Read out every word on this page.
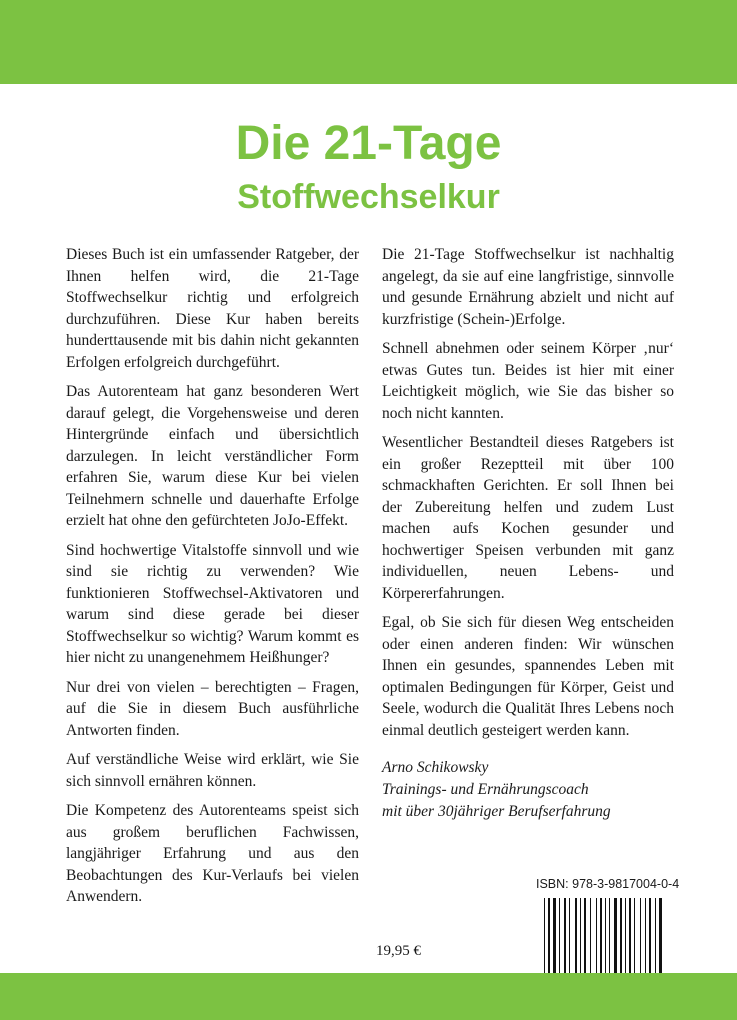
Die 21-Tage
Stoffwechselkur

Dieses Buch ist ein umfassender Ratgeber, der Ihnen helfen wird, die 21-Tage Stoffwechselkur richtig und erfolgreich durchzuführen. Diese Kur haben bereits hunderttausende mit bis dahin nicht gekannten Erfolgen erfolgreich durchgeführt.

Das Autorenteam hat ganz besonderen Wert darauf gelegt, die Vorgehensweise und deren Hintergründe einfach und übersichtlich darzulegen. In leicht verständlicher Form erfahren Sie, warum diese Kur bei vielen Teilnehmern schnelle und dauerhafte Erfolge erzielt hat ohne den gefürchteten JoJo-Effekt.

Sind hochwertige Vitalstoffe sinnvoll und wie sind sie richtig zu verwenden? Wie funktionieren Stoffwechsel-Aktivatoren und warum sind diese gerade bei dieser Stoffwechselkur so wichtig? Warum kommt es hier nicht zu unangenehmem Heißhunger?

Nur drei von vielen – berechtigten – Fragen, auf die Sie in diesem Buch ausführliche Antworten finden.

Auf verständliche Weise wird erklärt, wie Sie sich sinnvoll ernähren können.

Die Kompetenz des Autorenteams speist sich aus großem beruflichen Fachwissen, langjähriger Erfahrung und aus den Beobachtungen des Kur-Verlaufs bei vielen Anwendern.

Die 21-Tage Stoffwechselkur ist nachhaltig angelegt, da sie auf eine langfristige, sinnvolle und gesunde Ernährung abzielt und nicht auf kurzfristige (Schein-)Erfolge.

Schnell abnehmen oder seinem Körper ‚nur‘ etwas Gutes tun. Beides ist hier mit einer Leichtigkeit möglich, wie Sie das bisher so noch nicht kannten.

Wesentlicher Bestandteil dieses Ratgebers ist ein großer Rezeptteil mit über 100 schmackhaften Gerichten. Er soll Ihnen bei der Zubereitung helfen und zudem Lust machen aufs Kochen gesunder und hochwertiger Speisen verbunden mit ganz individuellen, neuen Lebens- und Körpererfahrungen.

Egal, ob Sie sich für diesen Weg entscheiden oder einen anderen finden: Wir wünschen Ihnen ein gesundes, spannendes Leben mit optimalen Bedingungen für Körper, Geist und Seele, wodurch die Qualität Ihres Lebens noch einmal deutlich gesteigert werden kann.

Arno Schikowsky
Trainings- und Ernährungscoach
mit über 30jähriger Berufserfahrung
19,95 €
ISBN: 978-3-9817004-0-4
